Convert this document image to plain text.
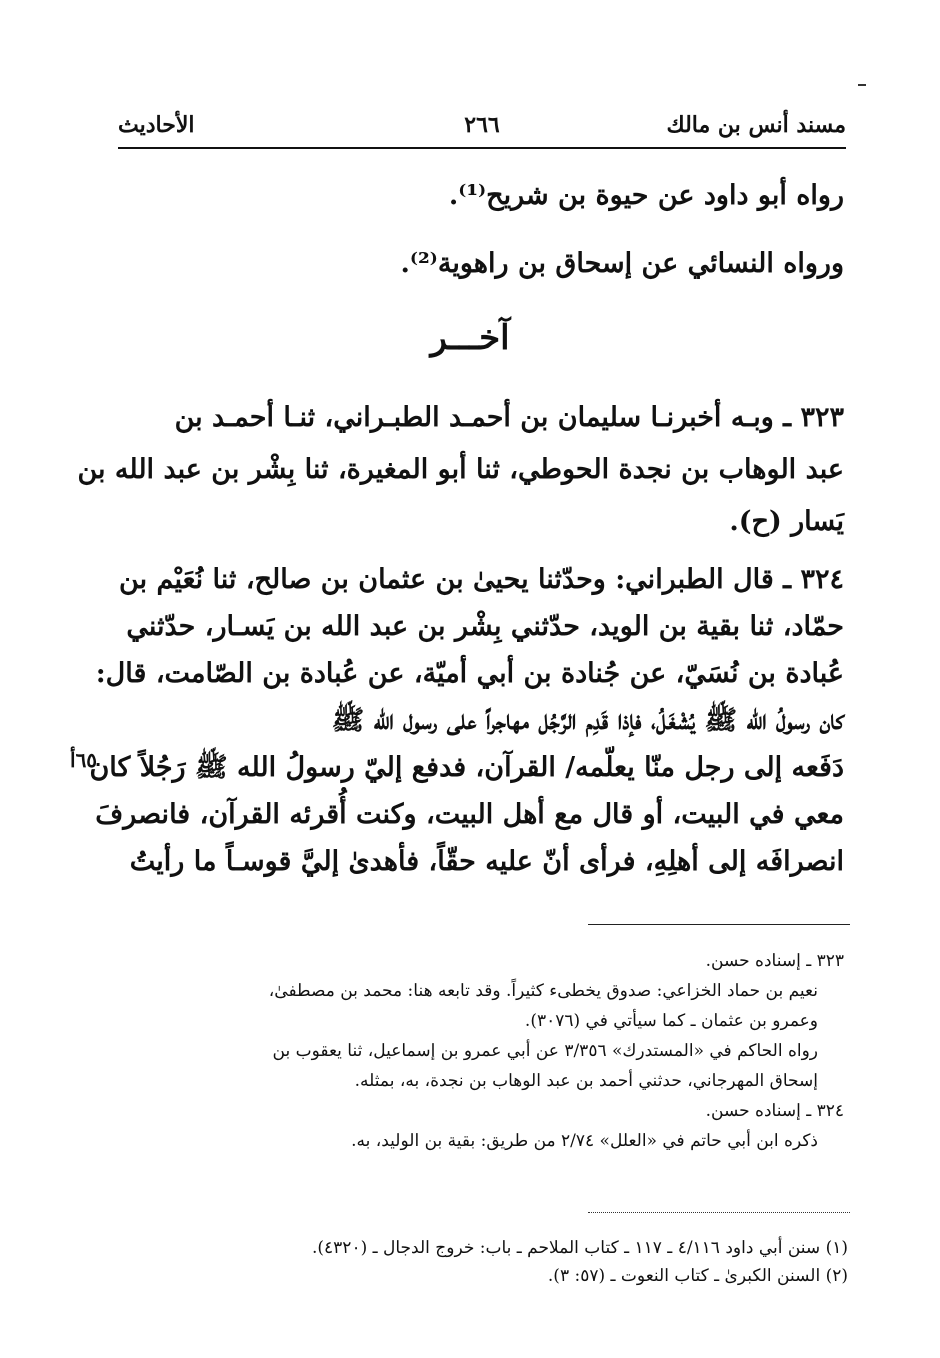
مسند أنس بن مالك
٢٦٦
الأحاديث
رواه أبو داود عن حيوة بن شريح⁽¹⁾.
ورواه النسائي عن إسحاق بن راهوية⁽²⁾.
آخـــر
٣٢٣ ـ وبـه أخبرنـا سليمان بن أحمـد الطبـراني، ثنـا أحمـد بن
عبد الوهاب بن نجدة الحوطي، ثنا أبو المغيرة، ثنا بِشْر بن عبد الله بن
يَسار (ح).
٣٢٤ ـ قال الطبراني: وحدّثنا يحيىٰ بن عثمان بن صالح، ثنا نُعَيْم بن
حمّاد، ثنا بقية بن الويد، حدّثني بِشْر بن عبد الله بن يَسـار، حدّثني
عُبادة بن نُسَيّ، عن جُنادة بن أبي أميّة، عن عُبادة بن الصّامت، قال:
كان رسولُ الله ﷺ يُشْغَلُ، فإذا قَدِم الرَّجُل مهاجراً على رسول الله ﷺ
دَفَعه إلى رجل منّا يعلّمه/ القرآن، فدفع إليّ رسولُ الله ﷺ رَجُلاً كان
معي في البيت، أو قال مع أهل البيت، وكنت أُقرئه القرآن، فانصرفَ
انصرافَه إلى أهلِهِ، فرأى أنّ عليه حقّاً، فأهدىٰ إليَّ قوسـاً ما رأيتُ
٦٥أ
٣٢٣ ـ إسناده حسن.
نعيم بن حماد الخزاعي: صدوق يخطىء كثيراً. وقد تابعه هنا: محمد بن مصطفىٰ،
وعمرو بن عثمان ـ كما سيأتي في (٣٠٧٦).
رواه الحاكم في «المستدرك» ٣/٣٥٦ عن أبي عمرو بن إسماعيل، ثنا يعقوب بن
إسحاق المهرجاني، حدثني أحمد بن عبد الوهاب بن نجدة، به، بمثله.
٣٢٤ ـ إسناده حسن.
ذكره ابن أبي حاتم في «العلل» ٢/٧٤ من طريق: بقية بن الوليد، به.
(١) سنن أبي داود ٤/١١٦ ـ ١١٧ ـ كتاب الملاحم ـ باب: خروج الدجال ـ (٤٣٢٠).
(٢) السنن الكبرىٰ ـ كتاب النعوت ـ (٥٧: ٣).
